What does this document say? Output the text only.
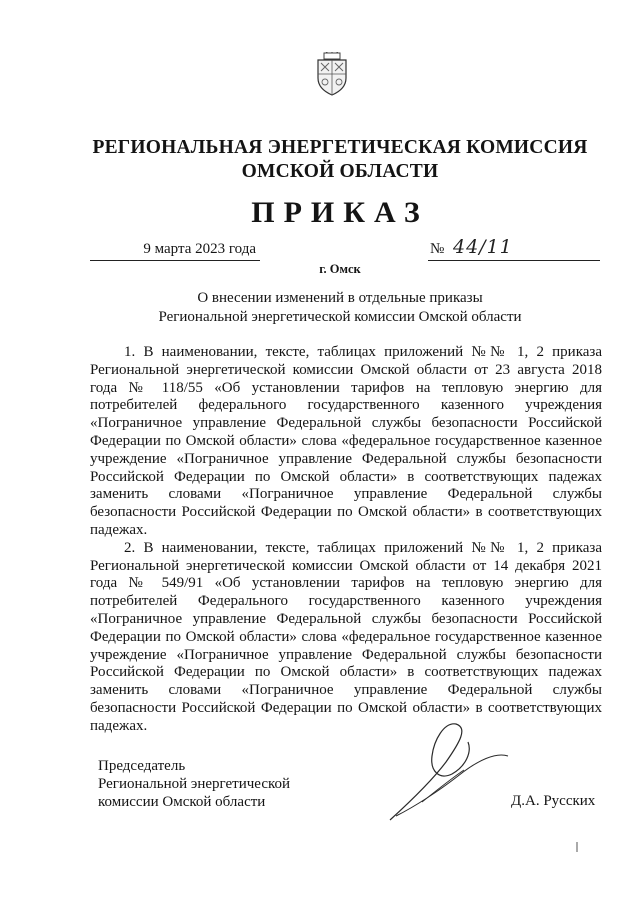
РЕГИОНАЛЬНАЯ ЭНЕРГЕТИЧЕСКАЯ КОМИССИЯ
ОМСКОЙ ОБЛАСТИ
ПРИКАЗ
9 марта 2023 года	№ 44/11
г. Омск
О внесении изменений в отдельные приказы
Региональной энергетической комиссии Омской области

1. В наименовании, тексте, таблицах приложений №№ 1, 2 приказа Региональной энергетической комиссии Омской области от 23 августа 2018 года № 118/55 «Об установлении тарифов на тепловую энергию для потребителей федерального государственного казенного учреждения «Пограничное управление Федеральной службы безопасности Российской Федерации по Омской области» слова «федеральное государственное казенное учреждение «Пограничное управление Федеральной службы безопасности Российской Федерации по Омской области» в соответствующих падежах заменить словами «Пограничное управление Федеральной службы безопасности Российской Федерации по Омской области» в соответствующих падежах.

2. В наименовании, тексте, таблицах приложений №№ 1, 2 приказа Региональной энергетической комиссии Омской области от 14 декабря 2021 года № 549/91 «Об установлении тарифов на тепловую энергию для потребителей Федерального государственного казенного учреждения «Пограничное управление Федеральной службы безопасности Российской Федерации по Омской области» слова «федеральное государственное казенное учреждение «Пограничное управление Федеральной службы безопасности Российской Федерации по Омской области» в соответствующих падежах заменить словами «Пограничное управление Федеральной службы безопасности Российской Федерации по Омской области» в соответствующих падежах.

Председатель
Региональной энергетической
комиссии Омской области	Д.А. Русских
